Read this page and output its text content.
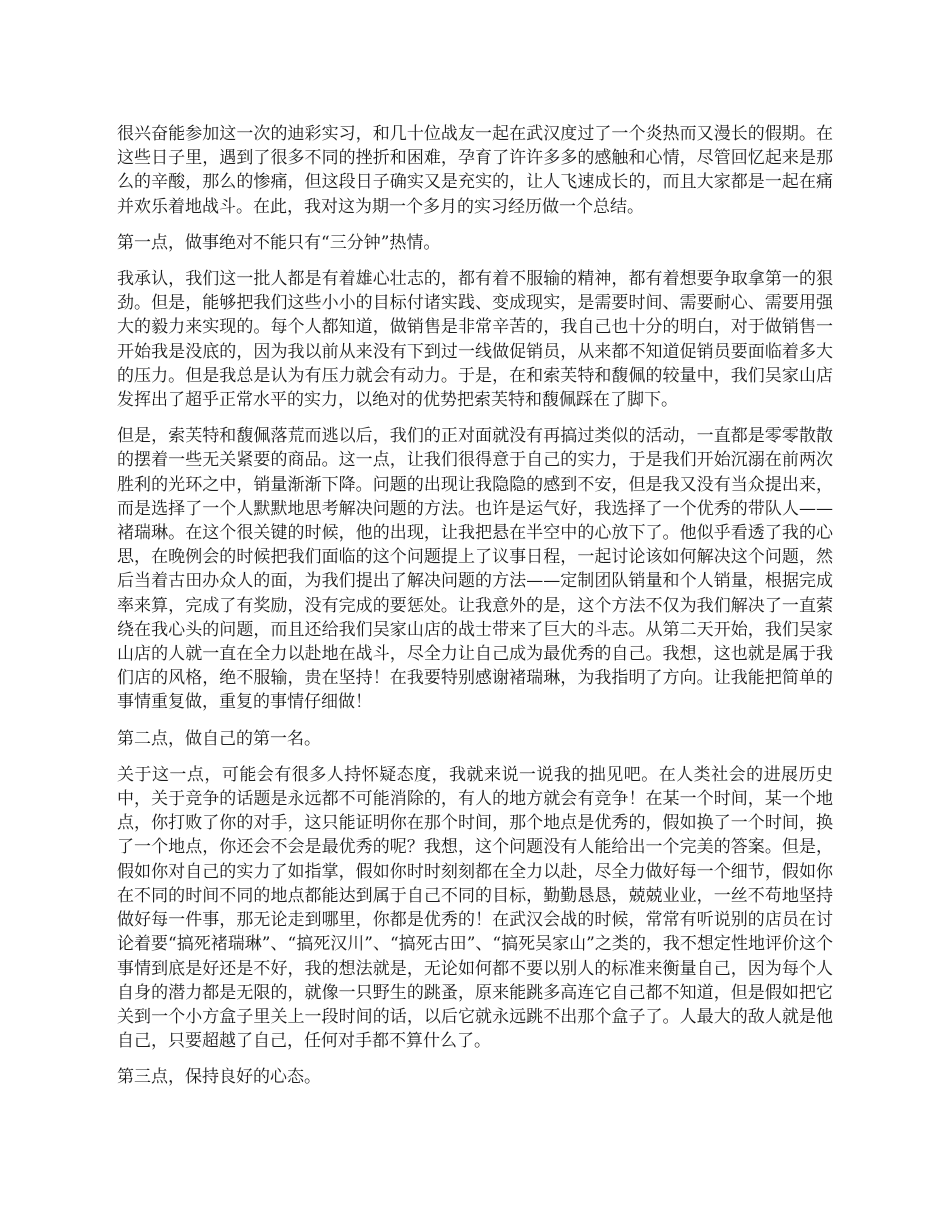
很兴奋能参加这一次的迪彩实习，和几十位战友一起在武汉度过了一个炎热而又漫长的假期。在这些日子里，遇到了很多不同的挫折和困难，孕育了许许多多的感触和心情，尽管回忆起来是那么的辛酸，那么的惨痛，但这段日子确实又是充实的，让人飞速成长的，而且大家都是一起在痛并欢乐着地战斗。在此，我对这为期一个多月的实习经历做一个总结。

第一点，做事绝对不能只有“三分钟”热情。

我承认，我们这一批人都是有着雄心壮志的，都有着不服输的精神，都有着想要争取拿第一的狠劲。但是，能够把我们这些小小的目标付诸实践、变成现实，是需要时间、需要耐心、需要用强大的毅力来实现的。每个人都知道，做销售是非常辛苦的，我自己也十分的明白，对于做销售一开始我是没底的，因为我以前从来没有下到过一线做促销员，从来都不知道促销员要面临着多大的压力。但是我总是认为有压力就会有动力。于是，在和索芙特和馥佩的较量中，我们吴家山店发挥出了超乎正常水平的实力，以绝对的优势把索芙特和馥佩踩在了脚下。

但是，索芙特和馥佩落荒而逃以后，我们的正对面就没有再搞过类似的活动，一直都是零零散散的摆着一些无关紧要的商品。这一点，让我们很得意于自己的实力，于是我们开始沉溺在前两次胜利的光环之中，销量渐渐下降。问题的出现让我隐隐的感到不安，但是我又没有当众提出来，而是选择了一个人默默地思考解决问题的方法。也许是运气好，我选择了一个优秀的带队人——褚瑞琳。在这个很关键的时候，他的出现，让我把悬在半空中的心放下了。他似乎看透了我的心思，在晚例会的时候把我们面临的这个问题提上了议事日程，一起讨论该如何解决这个问题，然后当着古田办众人的面，为我们提出了解决问题的方法——定制团队销量和个人销量，根据完成率来算，完成了有奖励，没有完成的要惩处。让我意外的是，这个方法不仅为我们解决了一直萦绕在我心头的问题，而且还给我们吴家山店的战士带来了巨大的斗志。从第二天开始，我们吴家山店的人就一直在全力以赴地在战斗，尽全力让自己成为最优秀的自己。我想，这也就是属于我们店的风格，绝不服输，贵在坚持！在我要特别感谢褚瑞琳，为我指明了方向。让我能把简单的事情重复做，重复的事情仔细做！

第二点，做自己的第一名。

关于这一点，可能会有很多人持怀疑态度，我就来说一说我的拙见吧。在人类社会的进展历史中，关于竞争的话题是永远都不可能消除的，有人的地方就会有竞争！在某一个时间，某一个地点，你打败了你的对手，这只能证明你在那个时间，那个地点是优秀的，假如换了一个时间，换了一个地点，你还会不会是最优秀的呢？我想，这个问题没有人能给出一个完美的答案。但是，假如你对自己的实力了如指掌，假如你时时刻刻都在全力以赴，尽全力做好每一个细节，假如你在不同的时间不同的地点都能达到属于自己不同的目标，勤勤恳恳，兢兢业业，一丝不苟地坚持做好每一件事，那无论走到哪里，你都是优秀的！在武汉会战的时候，常常有听说别的店员在讨论着要“搞死褚瑞琳”、“搞死汉川”、“搞死古田”、“搞死吴家山”之类的，我不想定性地评价这个事情到底是好还是不好，我的想法就是，无论如何都不要以别人的标准来衡量自己，因为每个人自身的潜力都是无限的，就像一只野生的跳蚤，原来能跳多高连它自己都不知道，但是假如把它关到一个小方盒子里关上一段时间的话，以后它就永远跳不出那个盒子了。人最大的敌人就是他自己，只要超越了自己，任何对手都不算什么了。

第三点，保持良好的心态。
